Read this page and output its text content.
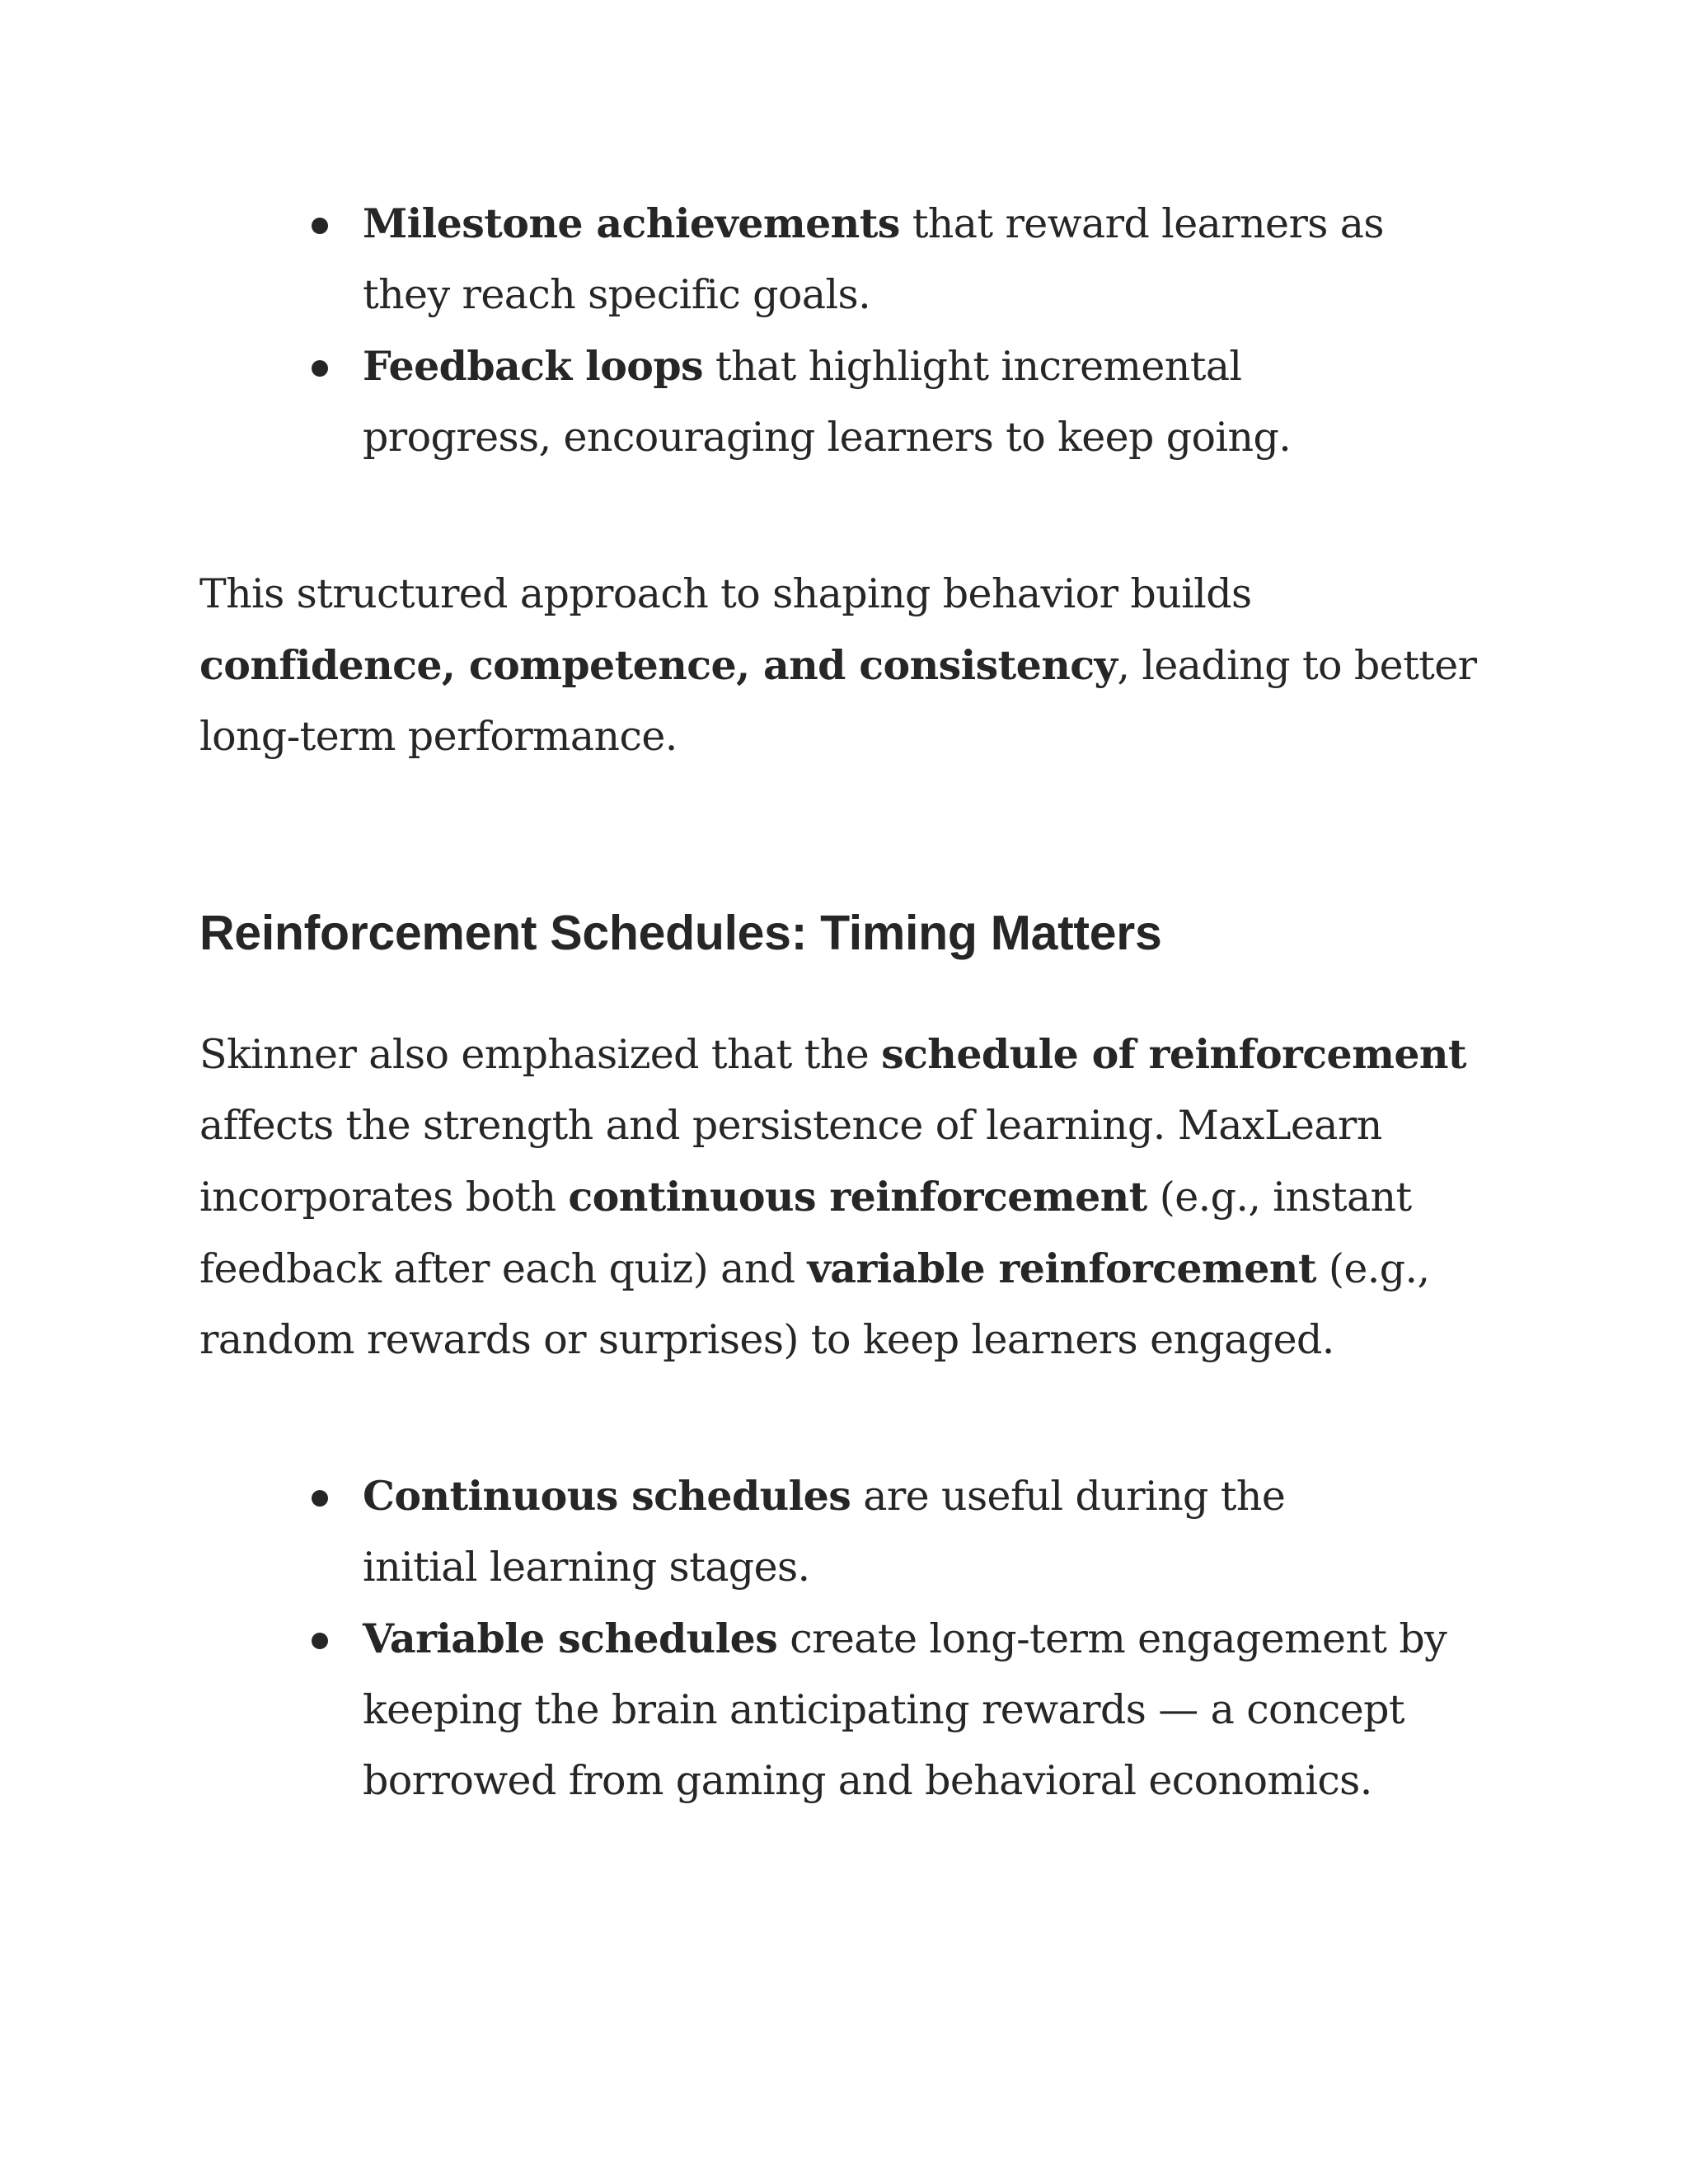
Milestone achievements that reward learners as they reach specific goals.
Feedback loops that highlight incremental progress, encouraging learners to keep going.

This structured approach to shaping behavior builds confidence, competence, and consistency, leading to better long-term performance.

Reinforcement Schedules: Timing Matters

Skinner also emphasized that the schedule of reinforcement affects the strength and persistence of learning. MaxLearn incorporates both continuous reinforcement (e.g., instant feedback after each quiz) and variable reinforcement (e.g., random rewards or surprises) to keep learners engaged.

Continuous schedules are useful during the initial learning stages.
Variable schedules create long-term engagement by keeping the brain anticipating rewards — a concept borrowed from gaming and behavioral economics.
